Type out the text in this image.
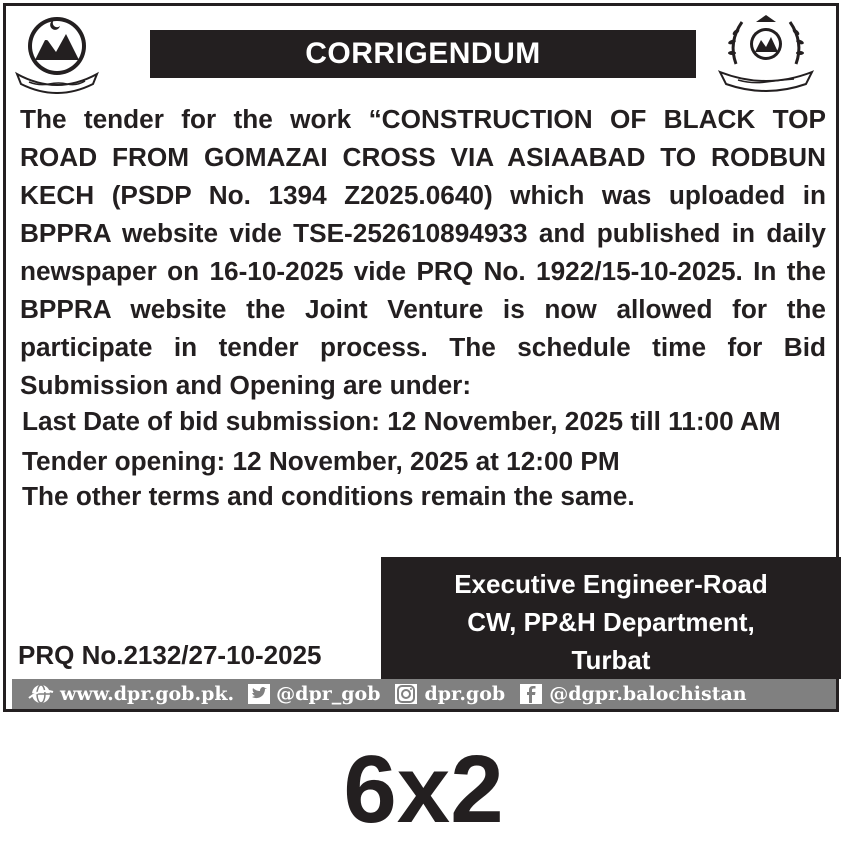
CORRIGENDUM

The tender for the work “CONSTRUCTION OF BLACK TOP ROAD FROM GOMAZAI CROSS VIA ASIAABAD TO RODBUN KECH (PSDP No. 1394 Z2025.0640) which was uploaded in BPPRA website vide TSE-252610894933 and published in daily newspaper on 16-10-2025 vide PRQ No. 1922/15-10-2025. In the BPPRA website the Joint Venture is now allowed for the participate in tender process. The schedule time for Bid Submission and Opening are under:

Last Date of bid submission: 12 November, 2025 till 11:00 AM
Tender opening: 12 November, 2025 at 12:00 PM
The other terms and conditions remain the same.
Executive Engineer-Road
CW, PP&H Department,
Turbat
PRQ No.2132/27-10-2025
www.dpr.gob.pk. @dpr_gob dpr.gob @dgpr.balochistan
6x2
